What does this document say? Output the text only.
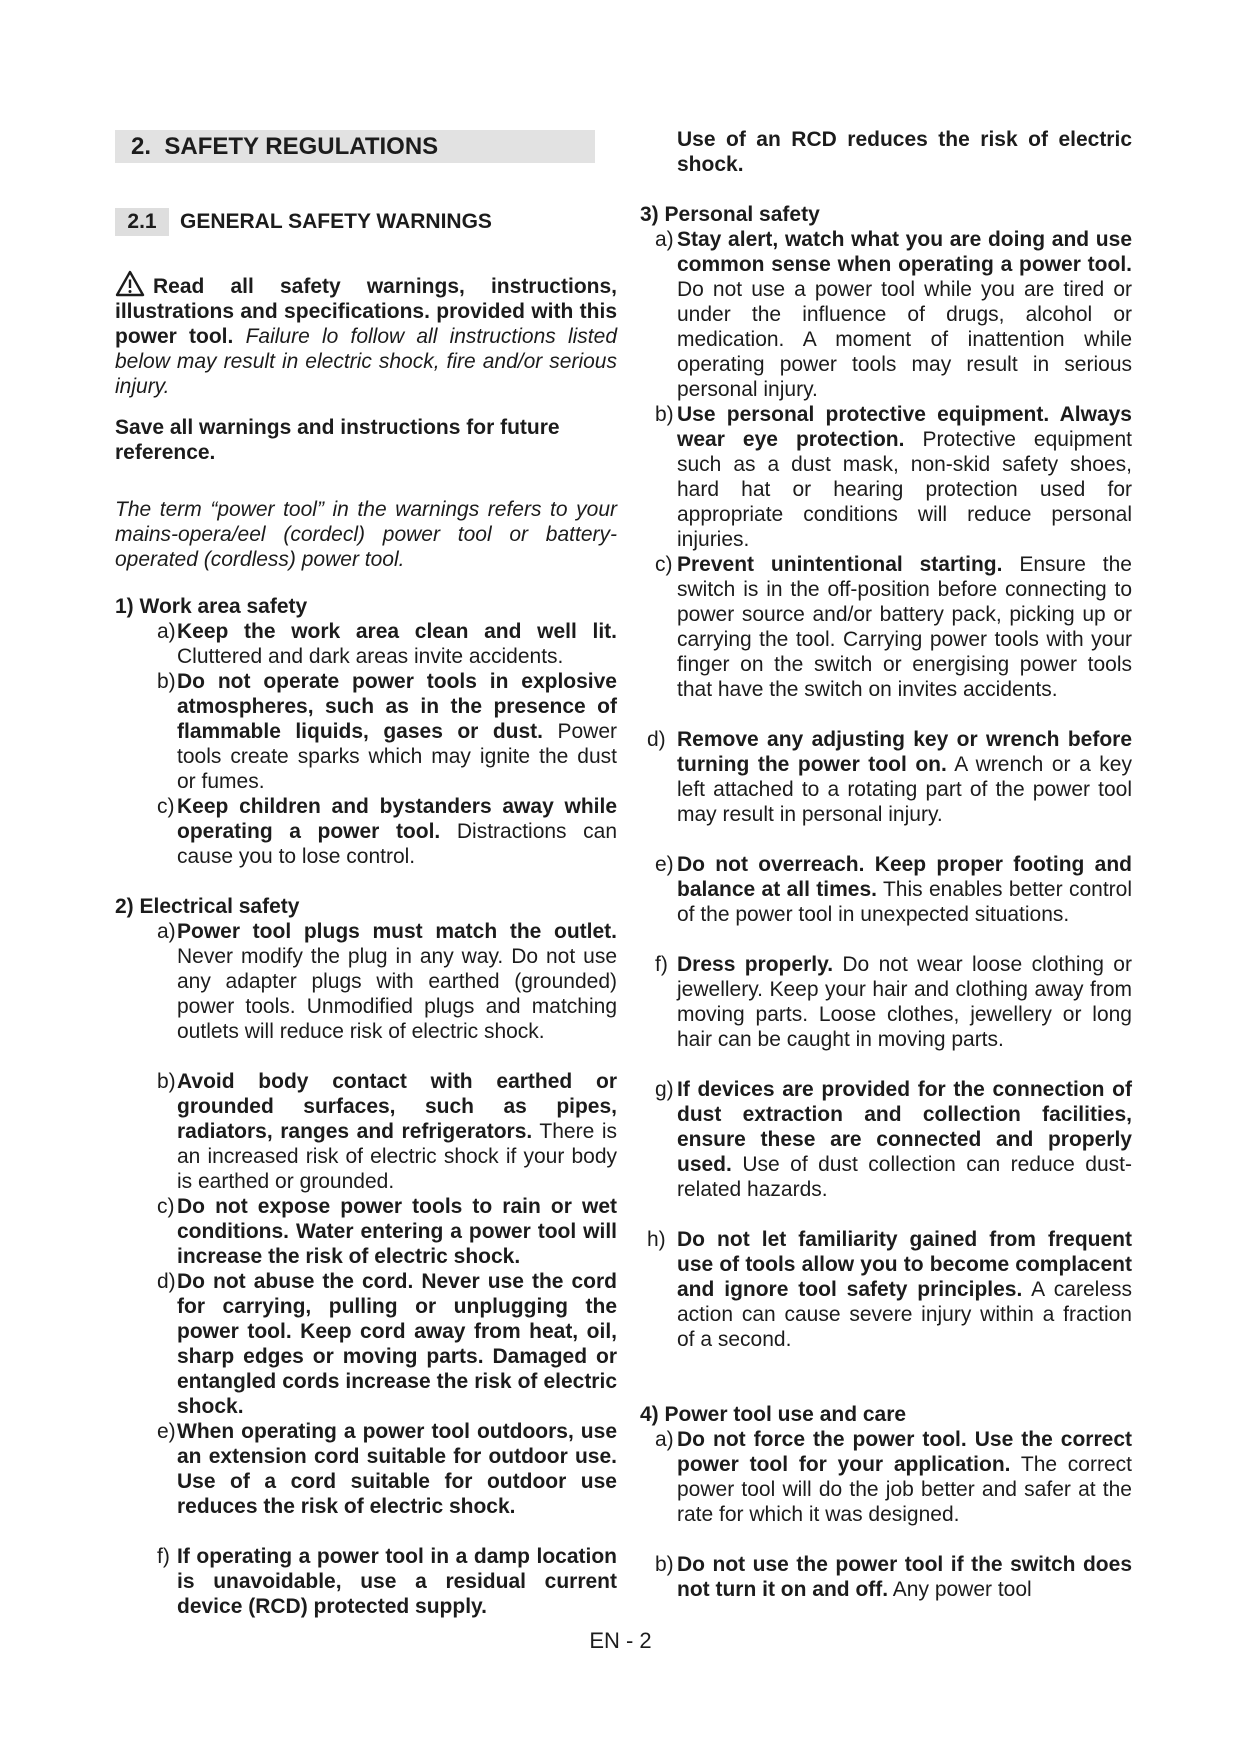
2. SAFETY REGULATIONS
2.1	GENERAL SAFETY WARNINGS
Read all safety warnings, instructions, illustrations and specifications. provided with this power tool. Failure lo follow all instructions listed below may result in electric shock, fire and/or serious injury.
Save all warnings and instructions for future reference.
The term “power tool” in the warnings refers to your mains-opera/eel (cordecl) power tool or battery-operated (cordless) power tool.
1) Work area safety
a) Keep the work area clean and well lit. Cluttered and dark areas invite accidents.
b) Do not operate power tools in explosive atmospheres, such as in the presence of flammable liquids, gases or dust. Power tools create sparks which may ignite the dust or fumes.
c) Keep children and bystanders away while operating a power tool. Distractions can cause you to lose control.
2) Electrical safety
a) Power tool plugs must match the outlet. Never modify the plug in any way. Do not use any adapter plugs with earthed (grounded) power tools. Unmodified plugs and matching outlets will reduce risk of electric shock.
b) Avoid body contact with earthed or grounded surfaces, such as pipes, radiators, ranges and refrigerators. There is an increased risk of electric shock if your body is earthed or grounded.
c) Do not expose power tools to rain or wet conditions. Water entering a power tool will increase the risk of electric shock.
d) Do not abuse the cord. Never use the cord for carrying, pulling or unplugging the power tool. Keep cord away from heat, oil, sharp edges or moving parts. Damaged or entangled cords increase the risk of electric shock.
e) When operating a power tool outdoors, use an extension cord suitable for outdoor use. Use of a cord suitable for outdoor use reduces the risk of electric shock.
f) If operating a power tool in a damp location is unavoidable, use a residual current device (RCD) protected supply.
Use of an RCD reduces the risk of electric shock.
3) Personal safety
a) Stay alert, watch what you are doing and use common sense when operating a power tool. Do not use a power tool while you are tired or under the influence of drugs, alcohol or medication. A moment of inattention while operating power tools may result in serious personal injury.
b) Use personal protective equipment. Always wear eye protection. Protective equipment such as a dust mask, non-skid safety shoes, hard hat or hearing protection used for appropriate conditions will reduce personal injuries.
c) Prevent unintentional starting. Ensure the switch is in the off-position before connecting to power source and/or battery pack, picking up or carrying the tool. Carrying power tools with your finger on the switch or energising power tools that have the switch on invites accidents.
d) Remove any adjusting key or wrench before turning the power tool on. A wrench or a key left attached to a rotating part of the power tool may result in personal injury.
e) Do not overreach. Keep proper footing and balance at all times. This enables better control of the power tool in unexpected situations.
f) Dress properly. Do not wear loose clothing or jewellery. Keep your hair and clothing away from moving parts. Loose clothes, jewellery or long hair can be caught in moving parts.
g) If devices are provided for the connection of dust extraction and collection facilities, ensure these are connected and properly used. Use of dust collection can reduce dust-related hazards.
h) Do not let familiarity gained from frequent use of tools allow you to become complacent and ignore tool safety principles. A careless action can cause severe injury within a fraction of a second.
4) Power tool use and care
a) Do not force the power tool. Use the correct power tool for your application. The correct power tool will do the job better and safer at the rate for which it was designed.
b) Do not use the power tool if the switch does not turn it on and off. Any power tool
EN - 2
